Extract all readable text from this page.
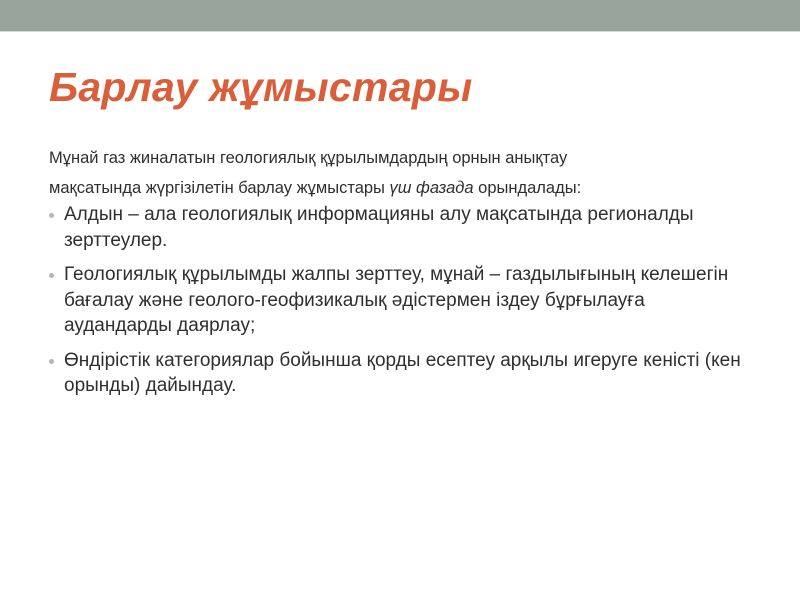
Барлау жұмыстары

Мұнай газ жиналатын геологиялық құрылымдардың орнын анықтау
мақсатында жүргізілетін барлау жұмыстары үш фазада орындалады:

Алдын – ала геологиялық информацияны алу мақсатында регионалды зерттеулер.
Геологиялық құрылымды жалпы зерттеу, мұнай – газдылығының келешегін бағалау және геолого-геофизикалық әдістермен іздеу бұрғылауға аудандарды даярлау;
Өндірістік категориялар бойынша қорды есептеу арқылы игеруге кеністі (кен орынды) дайындау.
